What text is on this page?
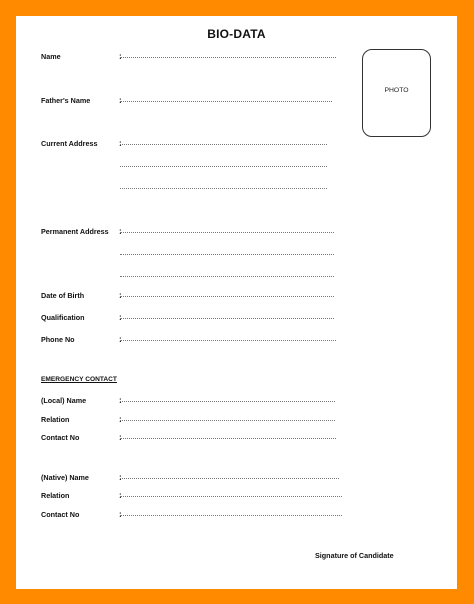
BIO-DATA
PHOTO
Name	:
Father's Name	:
Current Address	:
Permanent Address :
Date of Birth	:
Qualification	:
Phone No	:
EMERGENCY CONTACT
(Local) Name	:
Relation	:
Contact No	:
(Native) Name	:
Relation	:
Contact No	:
Signature of Candidate
